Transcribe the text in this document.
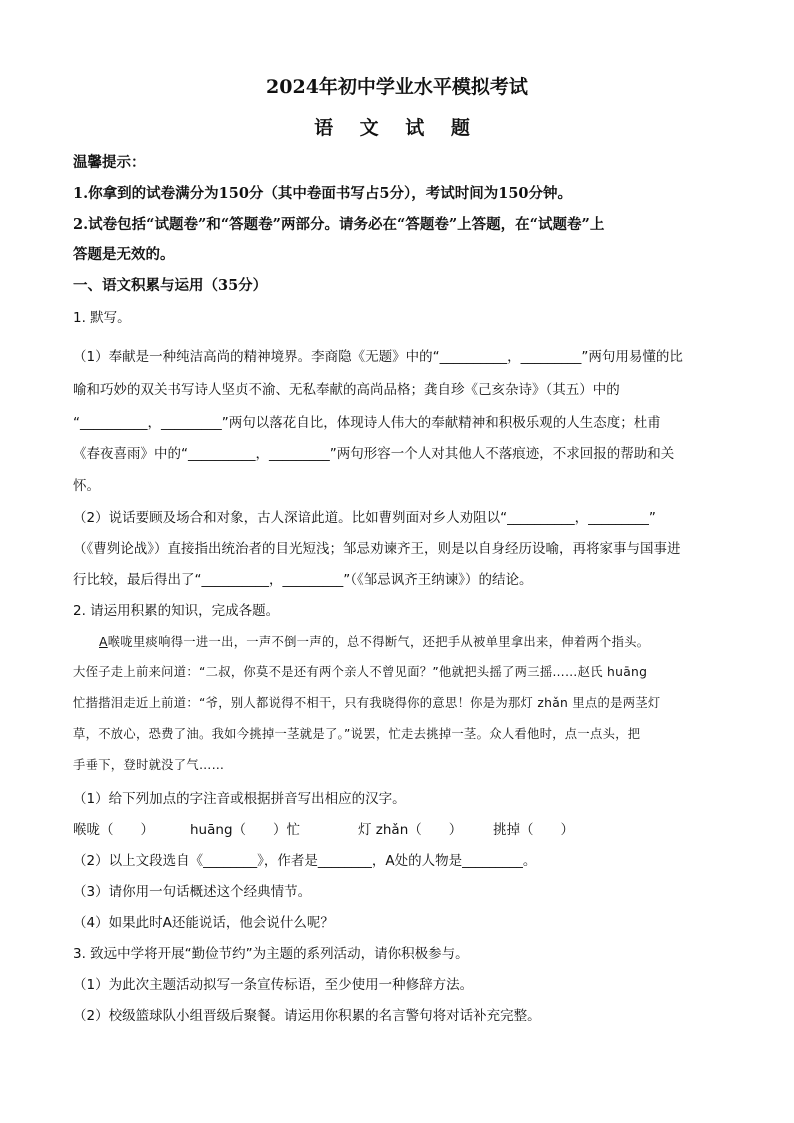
2024年初中学业水平模拟考试
语 文 试 题
温馨提示：
1.你拿到的试卷满分为150分（其中卷面书写占5分），考试时间为150分钟。
2.试卷包括“试题卷”和“答题卷”两部分。请务必在“答题卷”上答题，在“试题卷”上
答题是无效的。
一、语文积累与运用（35分）
1. 默写。
（1）奉献是一种纯洁高尚的精神境界。李商隐《无题》中的“__________，_________”两句用易懂的比
喻和巧妙的双关书写诗人坚贞不渝、无私奉献的高尚品格；龚自珍《己亥杂诗》（其五）中的
“__________，_________”两句以落花自比，体现诗人伟大的奉献精神和积极乐观的人生态度；杜甫
《春夜喜雨》中的“__________，_________”两句形容一个人对其他人不落痕迹，不求回报的帮助和关
怀。
（2）说话要顾及场合和对象，古人深谙此道。比如曹刿面对乡人劝阻以“__________，_________”
（《曹刿论战》）直接指出统治者的目光短浅；邹忌劝谏齐王，则是以自身经历设喻，再将家事与国事进
行比较，最后得出了“__________，_________”（《邹忌讽齐王纳谏》）的结论。
2. 请运用积累的知识，完成各题。
A喉咙里痰响得一进一出，一声不倒一声的，总不得断气，还把手从被单里拿出来，伸着两个指头。
大侄子走上前来问道：“二叔，你莫不是还有两个亲人不曾见面？”他就把头摇了两三摇……赵氏 huāng
忙揩揩泪走近上前道：“爷，别人都说得不相干，只有我晓得你的意思！你是为那灯 zhǎn 里点的是两茎灯
草，不放心，恐费了油。我如今挑掉一茎就是了。”说罢，忙走去挑掉一茎。众人看他时，点一点头，把
手垂下，登时就没了气……
（1）给下列加点的字注音或根据拼音写出相应的汉字。
喉咙（　　）	huāng（　　）忙	灯 zhǎn（　　） 挑掉（　　）
（2）以上文段选自《________》，作者是________，A处的人物是_________。
（3）请你用一句话概述这个经典情节。
（4）如果此时A还能说话，他会说什么呢？
3. 致远中学将开展“勤俭节约”为主题的系列活动，请你积极参与。
（1）为此次主题活动拟写一条宣传标语，至少使用一种修辞方法。
（2）校级篮球队小组晋级后聚餐。请运用你积累的名言警句将对话补充完整。
